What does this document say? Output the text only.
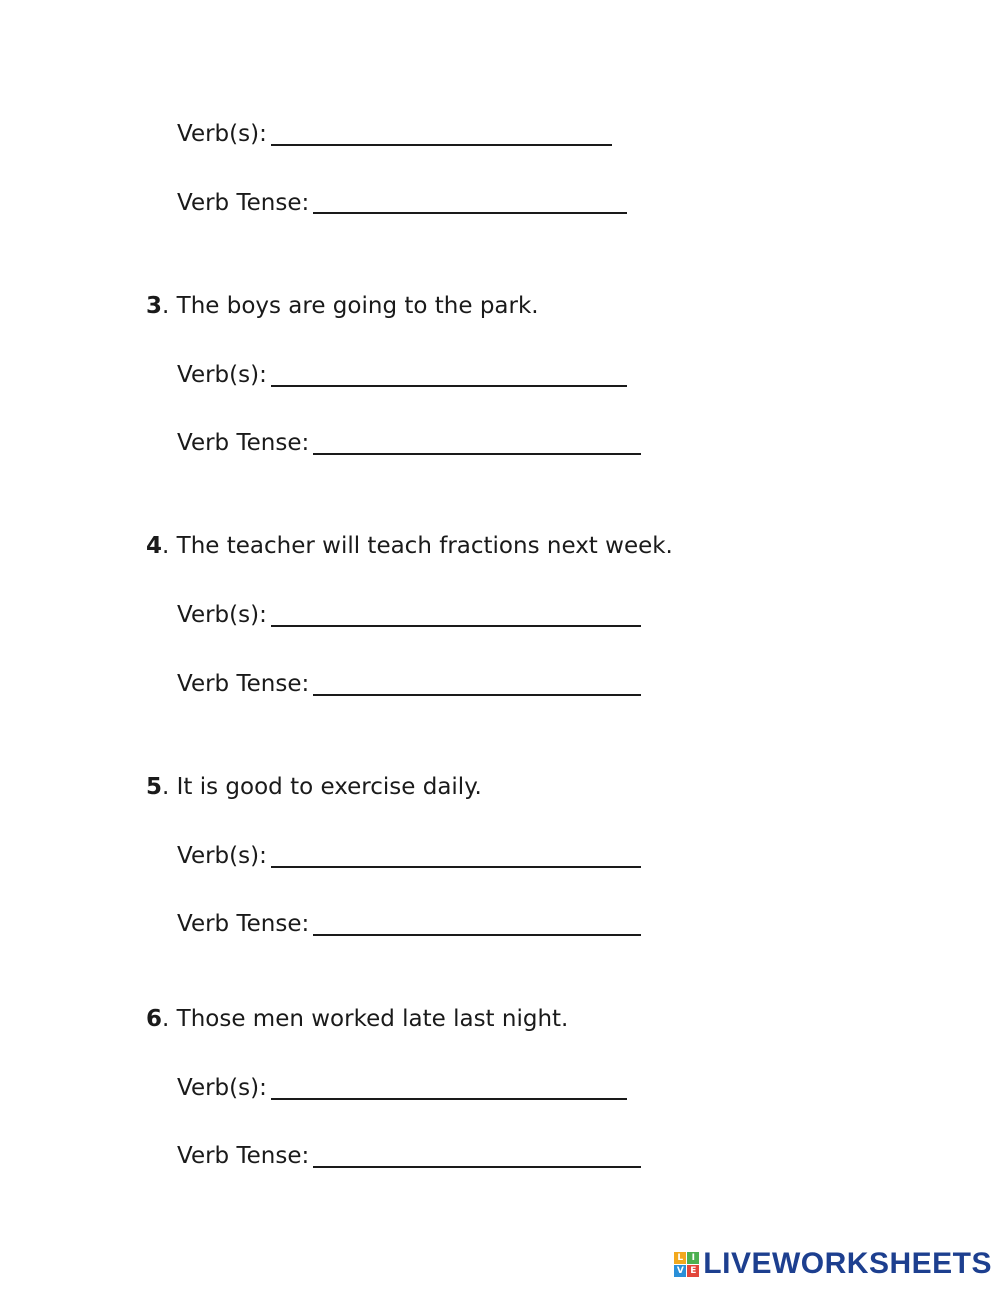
Verb(s):
Verb Tense:
3. The boys are going to the park.
Verb(s):
Verb Tense:
4. The teacher will teach fractions next week.
Verb(s):
Verb Tense:
5. It is good to exercise daily.
Verb(s):
Verb Tense:
6. Those men worked late last night.
Verb(s):
Verb Tense:
L I
V E LIVEWORKSHEETS
